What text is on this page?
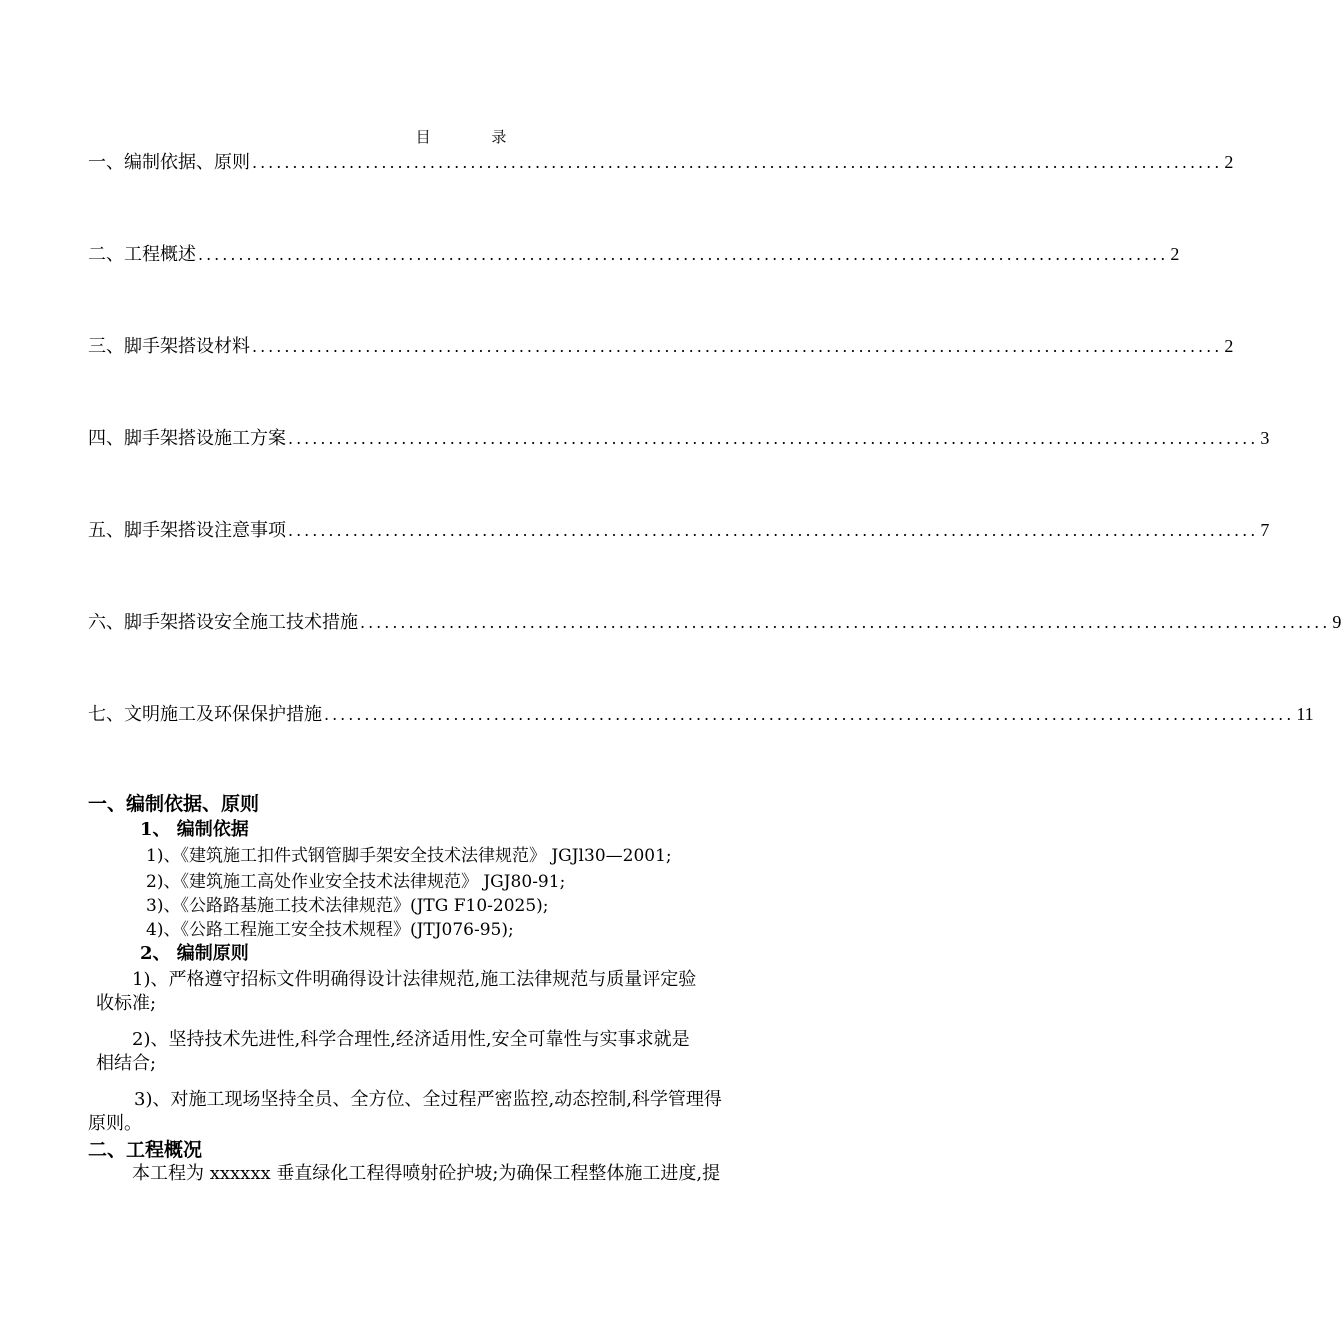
目 录
一、编制依据、原则 ........................................................................................................................ 2
二、工程概述 ........................................................................................................................ 2
三、脚手架搭设材料 ........................................................................................................................ 2
四、脚手架搭设施工方案 ........................................................................................................................ 3
五、脚手架搭设注意事项 ........................................................................................................................ 7
六、脚手架搭设安全施工技术措施 ........................................................................................................................ 9
七、文明施工及环保保护措施 ........................................................................................................................ 11
一、编制依据、原则
1、 编制依据
1)、《建筑施工扣件式钢管脚手架安全技术法律规范》 JGJl30—2001;
2)、《建筑施工高处作业安全技术法律规范》 JGJ80-91;
3)、《公路路基施工技术法律规范》(JTG F10-2025);
4)、《公路工程施工安全技术规程》(JTJ076-95);
2、 编制原则
1)、严格遵守招标文件明确得设计法律规范,施工法律规范与质量评定验
收标准;
2)、坚持技术先进性,科学合理性,经济适用性,安全可靠性与实事求就是
相结合;
3)、对施工现场坚持全员、全方位、全过程严密监控,动态控制,科学管理得
原则。
二、工程概况
本工程为 xxxxxx 垂直绿化工程得喷射砼护坡;为确保工程整体施工进度,提
